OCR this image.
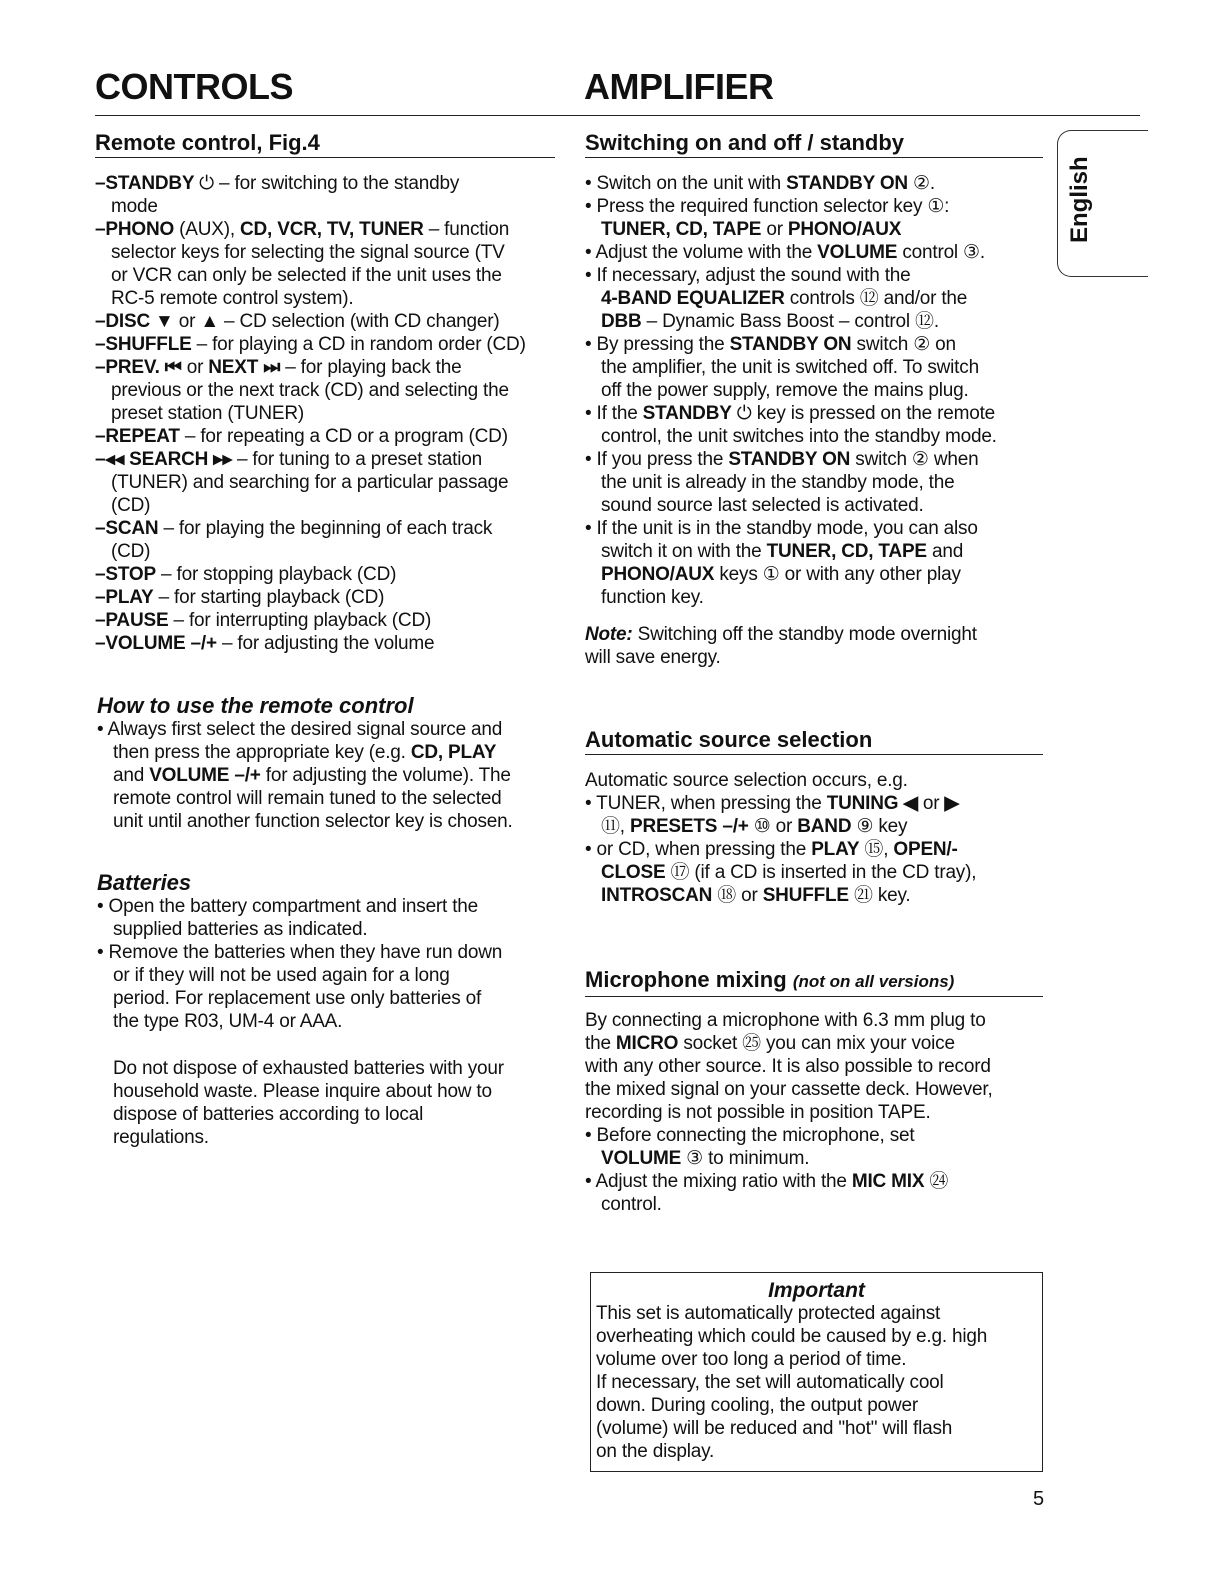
CONTROLS	AMPLIFIER
English
Remote control, Fig.4
–STANDBY ⏻ – for switching to the standby
mode
–PHONO (AUX), CD, VCR, TV, TUNER – function
selector keys for selecting the signal source (TV
or VCR can only be selected if the unit uses the
RC-5 remote control system).
–DISC ▼ or ▲ – CD selection (with CD changer)
–SHUFFLE – for playing a CD in random order (CD)
–PREV. ⏮ or NEXT ⏭ – for playing back the
previous or the next track (CD) and selecting the
preset station (TUNER)
–REPEAT – for repeating a CD or a program (CD)
–◂◂ SEARCH ▸▸ – for tuning to a preset station
(TUNER) and searching for a particular passage
(CD)
–SCAN – for playing the beginning of each track
(CD)
–STOP – for stopping playback (CD)
–PLAY – for starting playback (CD)
–PAUSE – for interrupting playback (CD)
–VOLUME –/+ – for adjusting the volume
How to use the remote control
• Always first select the desired signal source and
then press the appropriate key (e.g. CD, PLAY
and VOLUME –/+ for adjusting the volume). The
remote control will remain tuned to the selected
unit until another function selector key is chosen.
Batteries
• Open the battery compartment and insert the
supplied batteries as indicated.
• Remove the batteries when they have run down
or if they will not be used again for a long
period. For replacement use only batteries of
the type R03, UM-4 or AAA.
Do not dispose of exhausted batteries with your
household waste. Please inquire about how to
dispose of batteries according to local
regulations.
Switching on and off / standby
• Switch on the unit with STANDBY ON ②.
• Press the required function selector key ①:
TUNER, CD, TAPE or PHONO/AUX
• Adjust the volume with the VOLUME control ③.
• If necessary, adjust the sound with the
4-BAND EQUALIZER controls ⑫ and/or the
DBB – Dynamic Bass Boost – control ⑫.
• By pressing the STANDBY ON switch ② on
the amplifier, the unit is switched off. To switch
off the power supply, remove the mains plug.
• If the STANDBY ⏻ key is pressed on the remote
control, the unit switches into the standby mode.
• If you press the STANDBY ON switch ② when
the unit is already in the standby mode, the
sound source last selected is activated.
• If the unit is in the standby mode, you can also
switch it on with the TUNER, CD, TAPE and
PHONO/AUX keys ① or with any other play
function key.
Note: Switching off the standby mode overnight
will save energy.
Automatic source selection
Automatic source selection occurs, e.g.
• TUNER, when pressing the TUNING ◀ or ▶
⑪, PRESETS –/+ ⑩ or BAND ⑨ key
• or CD, when pressing the PLAY ⑮, OPEN/-
CLOSE ⑰ (if a CD is inserted in the CD tray),
INTROSCAN ⑱ or SHUFFLE ㉑ key.
Microphone mixing (not on all versions)
By connecting a microphone with 6.3 mm plug to
the MICRO socket ㉕ you can mix your voice
with any other source. It is also possible to record
the mixed signal on your cassette deck. However,
recording is not possible in position TAPE.
• Before connecting the microphone, set
VOLUME ③ to minimum.
• Adjust the mixing ratio with the MIC MIX ㉔
control.
Important
This set is automatically protected against
overheating which could be caused by e.g. high
volume over too long a period of time.
If necessary, the set will automatically cool
down. During cooling, the output power
(volume) will be reduced and "hot" will flash
on the display.
5
